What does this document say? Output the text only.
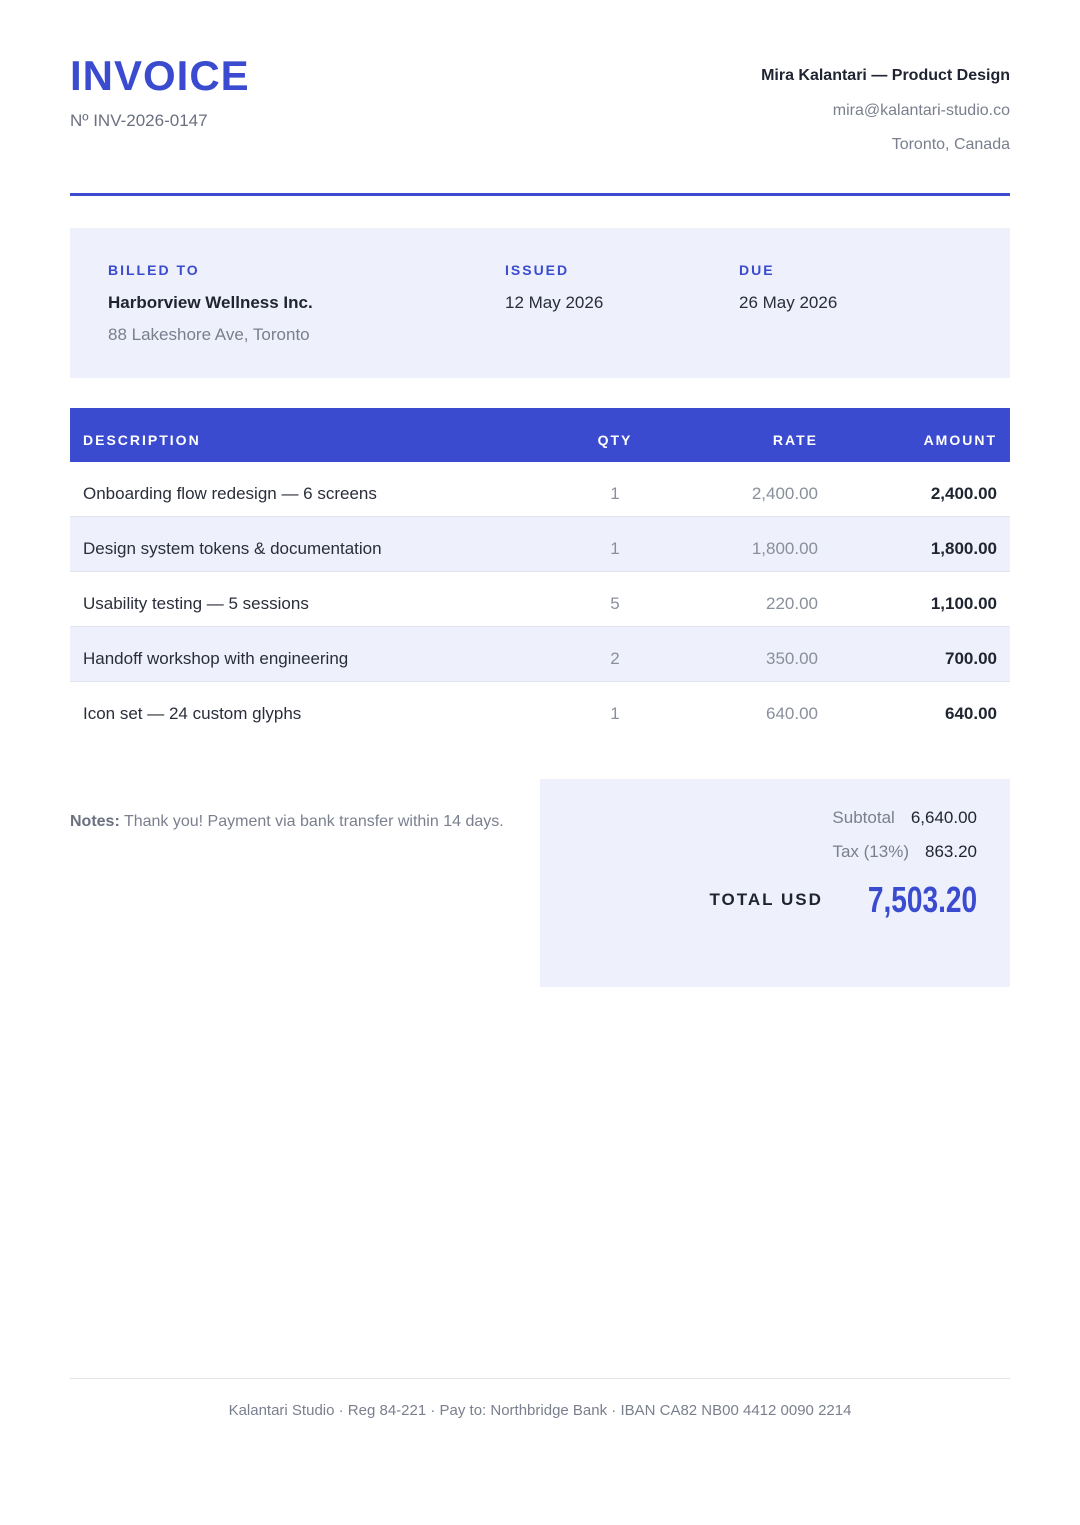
INVOICE
Nº INV-2026-0147
Mira Kalantari — Product Design
mira@kalantari-studio.co
Toronto, Canada
BILLED TO
Harborview Wellness Inc.
88 Lakeshore Ave, Toronto
ISSUED
12 May 2026
DUE
26 May 2026
DESCRIPTION	QTY	RATE	AMOUNT
Onboarding flow redesign — 6 screens	1	2,400.00	2,400.00
Design system tokens & documentation	1	1,800.00	1,800.00
Usability testing — 5 sessions	5	220.00	1,100.00
Handoff workshop with engineering	2	350.00	700.00
Icon set — 24 custom glyphs	1	640.00	640.00
Notes: Thank you! Payment via bank transfer within 14 days.	Subtotal 6,640.00
Tax (13%) 863.20
TOTAL USD 7,503.20
Kalantari Studio · Reg 84-221 · Pay to: Northbridge Bank · IBAN CA82 NB00 4412 0090 2214
